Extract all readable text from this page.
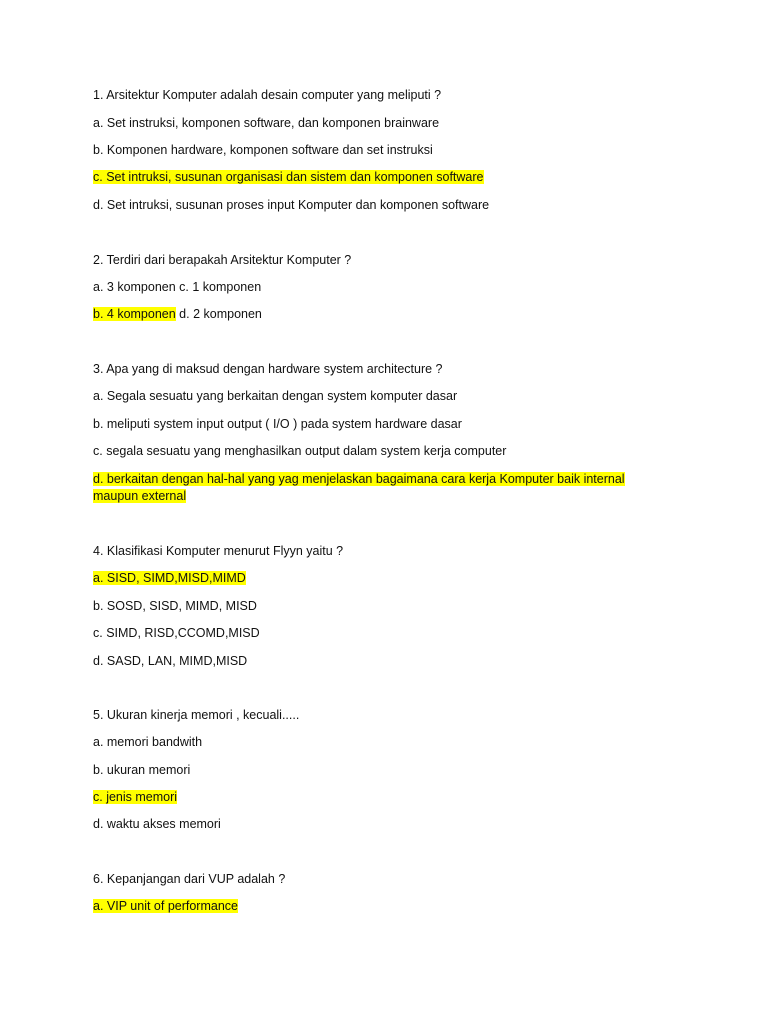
1. Arsitektur Komputer adalah desain computer yang meliputi ?

a. Set instruksi, komponen software, dan komponen brainware

b. Komponen hardware, komponen software dan set instruksi

c. Set intruksi, susunan organisasi dan sistem dan komponen software

d. Set intruksi, susunan proses input Komputer dan komponen software

2. Terdiri dari berapakah Arsitektur Komputer ?

a. 3 komponen c. 1 komponen

b. 4 komponen d. 2 komponen

3. Apa yang di maksud dengan hardware system architecture ?

a. Segala sesuatu yang berkaitan dengan system komputer dasar

b. meliputi system input output ( I/O ) pada system hardware dasar

c. segala sesuatu yang menghasilkan output dalam system kerja computer

d. berkaitan dengan hal-hal yang yag menjelaskan bagaimana cara kerja Komputer baik internal

maupun external

4. Klasifikasi Komputer menurut Flyyn yaitu ?

a. SISD, SIMD,MISD,MIMD

b. SOSD, SISD, MIMD, MISD

c. SIMD, RISD,CCOMD,MISD

d. SASD, LAN, MIMD,MISD

5. Ukuran kinerja memori , kecuali.....

a. memori bandwith

b. ukuran memori

c. jenis memori

d. waktu akses memori

6. Kepanjangan dari VUP adalah ?

a. VIP unit of performance
